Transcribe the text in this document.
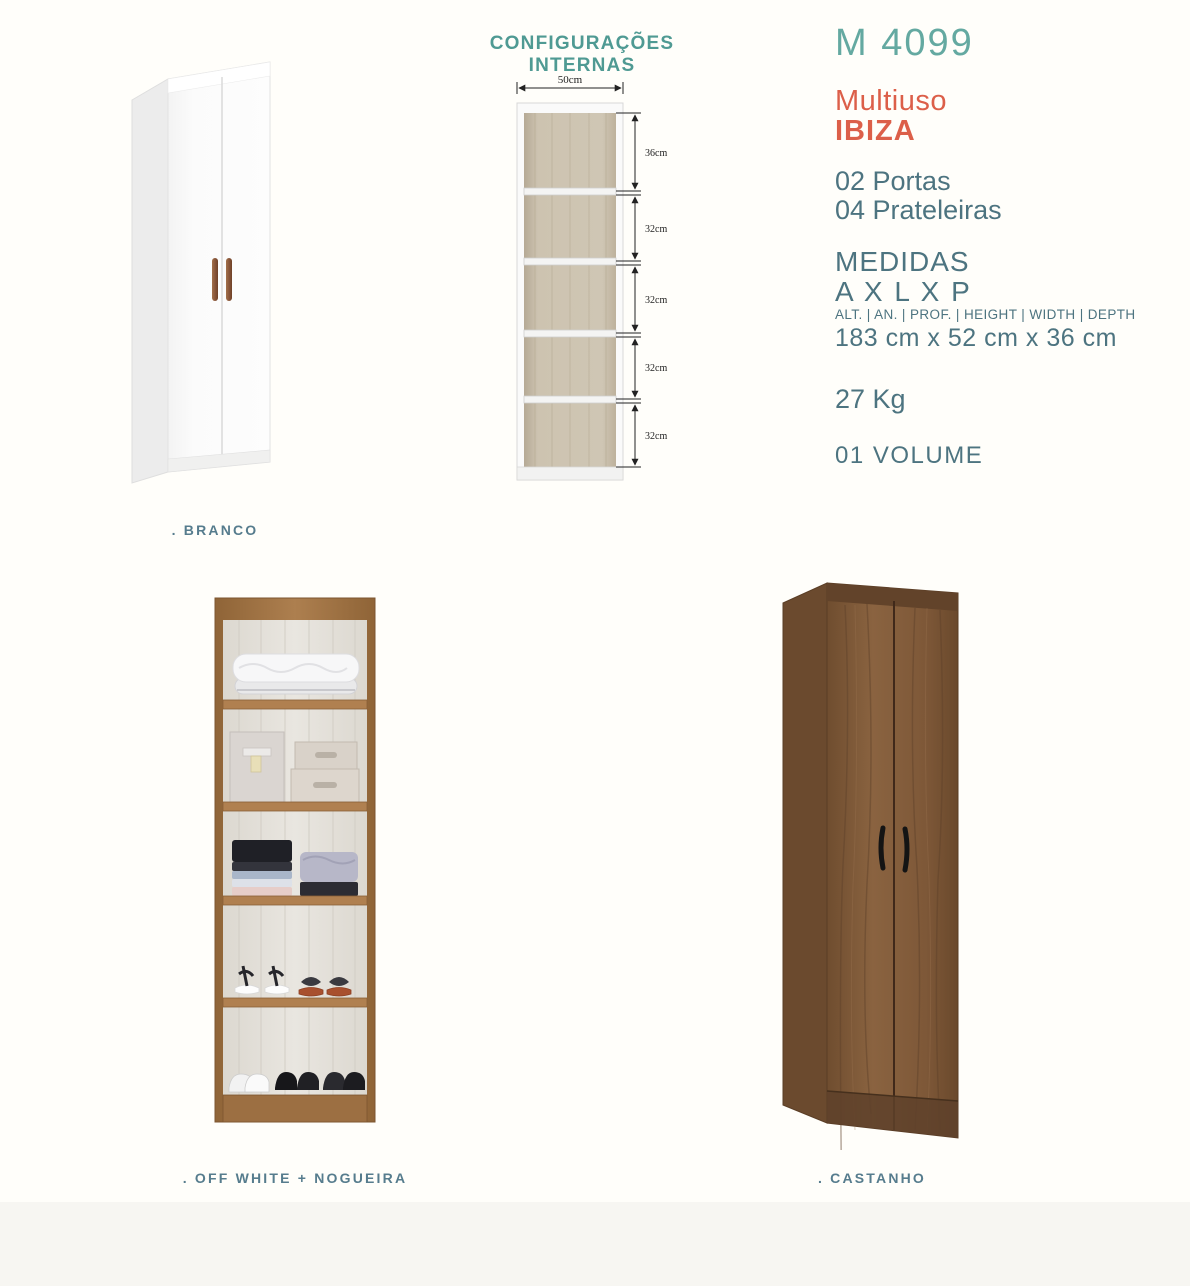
CONFIGURAÇÕES INTERNAS
50cm
36cm
32cm
32cm
32cm
32cm
M 4099
Multiuso
IBIZA
02 Portas
04 Prateleiras
MEDIDAS
A X L X P
ALT. | AN. | PROF. | HEIGHT | WIDTH | DEPTH
183 cm x 52 cm x 36 cm
27 Kg
01 VOLUME
. BRANCO
. OFF WHITE + NOGUEIRA	. CASTANHO
